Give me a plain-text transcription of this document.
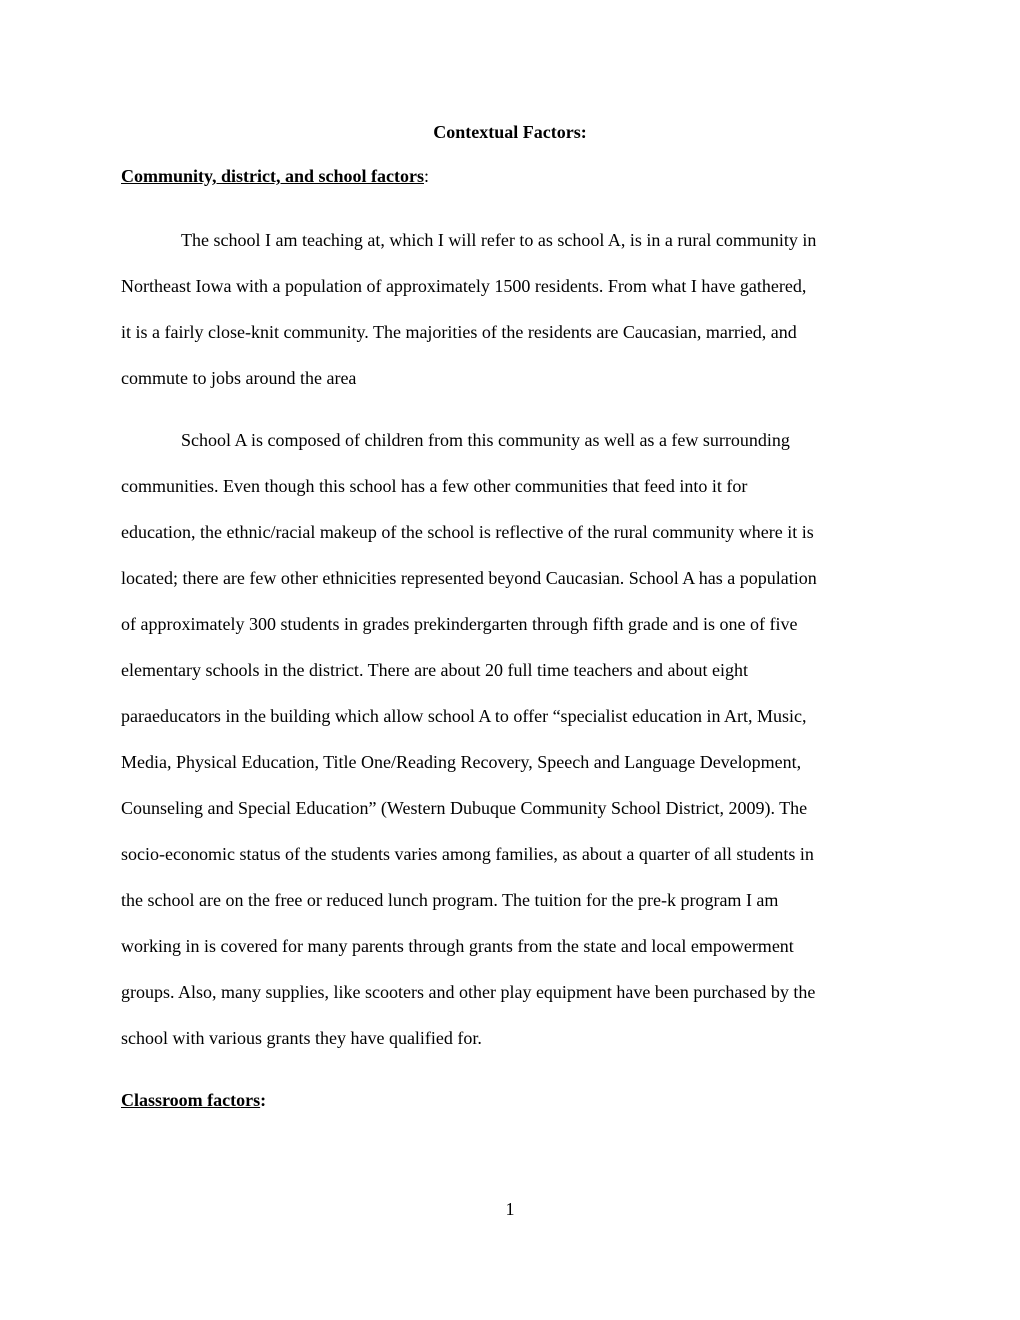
Contextual Factors:
Community, district, and school factors:
The school I am teaching at, which I will refer to as school A, is in a rural community in
Northeast Iowa with a population of approximately 1500 residents. From what I have gathered,
it is a fairly close-knit community. The majorities of the residents are Caucasian, married, and
commute to jobs around the area
School A is composed of children from this community as well as a few surrounding
communities. Even though this school has a few other communities that feed into it for
education, the ethnic/racial makeup of the school is reflective of the rural community where it is
located; there are few other ethnicities represented beyond Caucasian. School A has a population
of approximately 300 students in grades prekindergarten through fifth grade and is one of five
elementary schools in the district. There are about 20 full time teachers and about eight
paraeducators in the building which allow school A to offer “specialist education in Art, Music,
Media, Physical Education, Title One/Reading Recovery, Speech and Language Development,
Counseling and Special Education” (Western Dubuque Community School District, 2009). The
socio-economic status of the students varies among families, as about a quarter of all students in
the school are on the free or reduced lunch program. The tuition for the pre-k program I am
working in is covered for many parents through grants from the state and local empowerment
groups. Also, many supplies, like scooters and other play equipment have been purchased by the
school with various grants they have qualified for.
Classroom factors:
1
